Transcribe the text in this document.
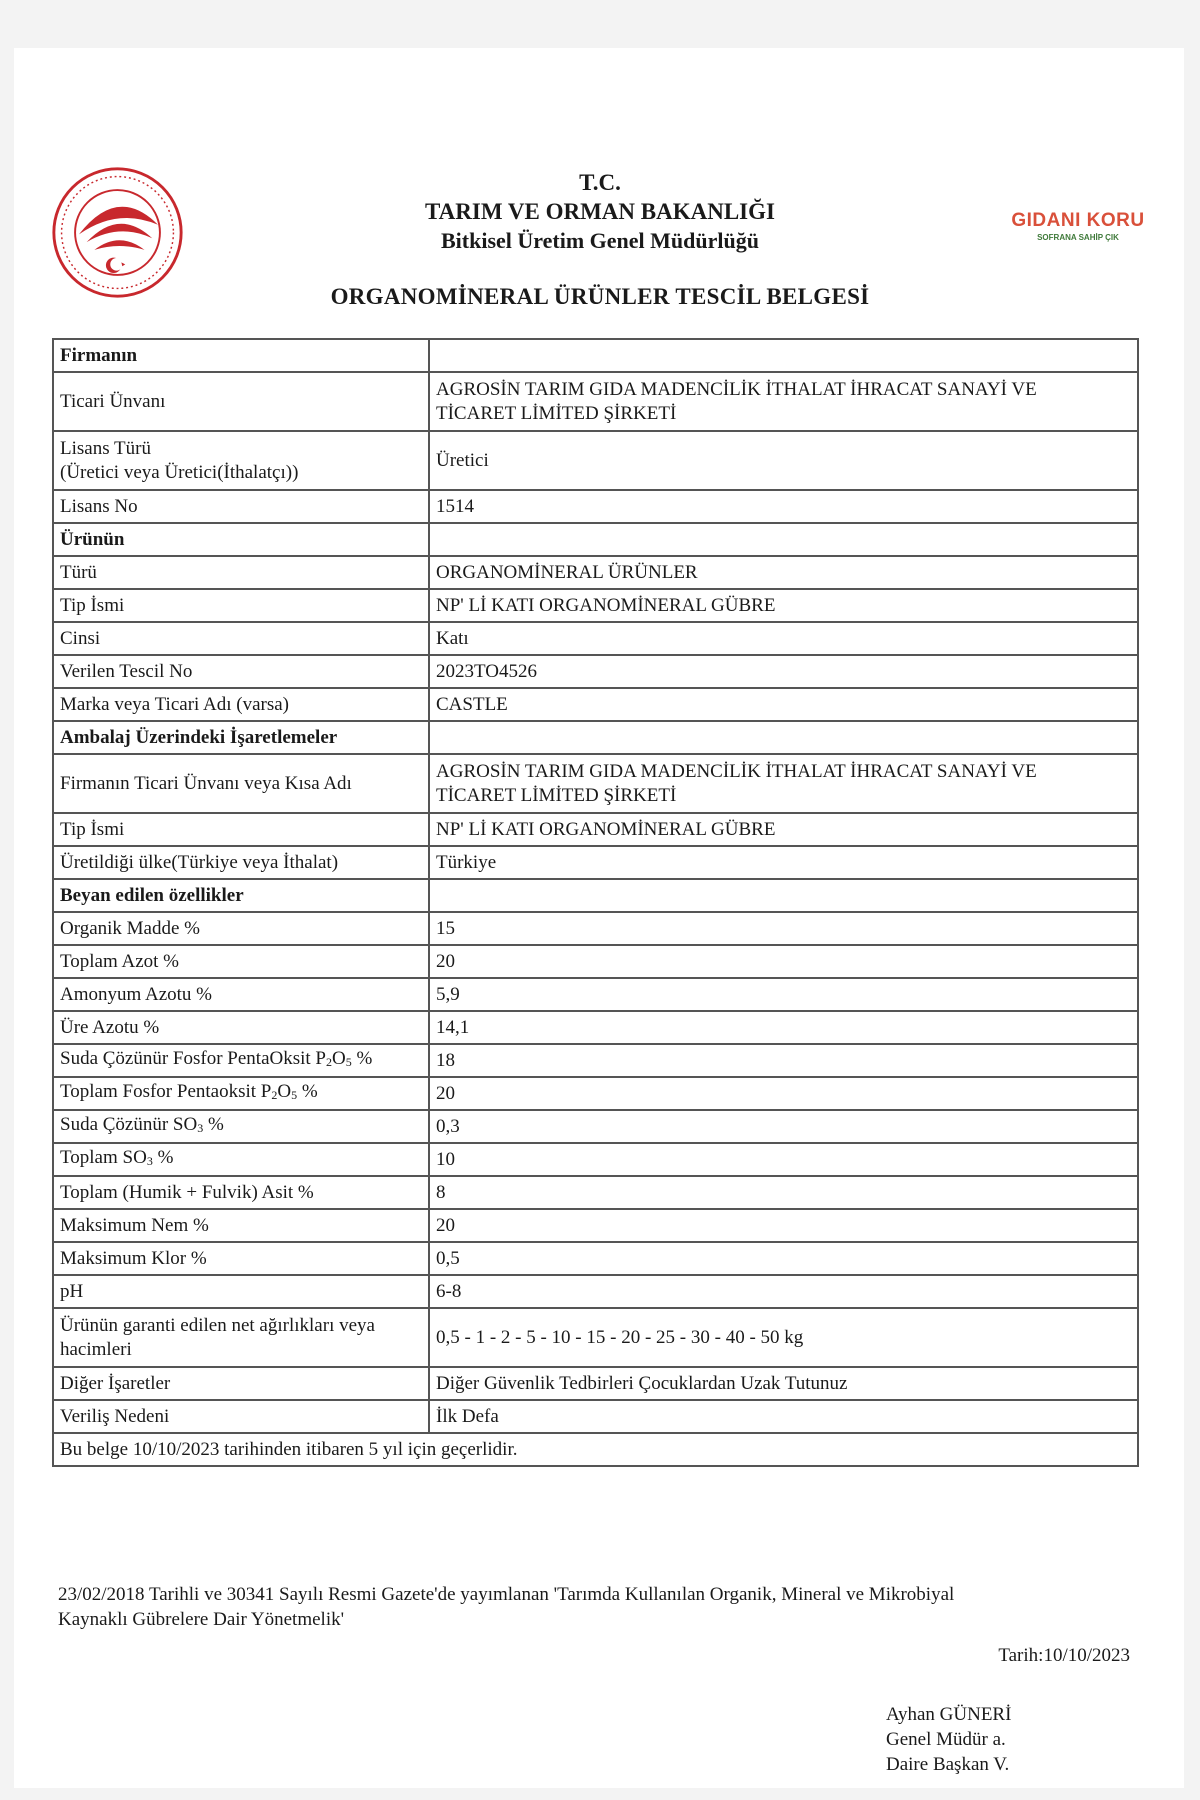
GIDANI KORU
SOFRANA SAHİP ÇIK
T.C.
TARIM VE ORMAN BAKANLIĞI
Bitkisel Üretim Genel Müdürlüğü
ORGANOMİNERAL ÜRÜNLER TESCİL BELGESİ
Firmanın	
Ticari Ünvanı	AGROSİN TARIM GIDA MADENCİLİK İTHALAT İHRACAT SANAYİ VE
TİCARET LİMİTED ŞİRKETİ

Lisans Türü
(Üretici veya Üretici(İthalatçı))	Üretici
Lisans No	1514
Ürünün	
Türü	ORGANOMİNERAL ÜRÜNLER
Tip İsmi	NP' Lİ KATI ORGANOMİNERAL GÜBRE
Cinsi	Katı
Verilen Tescil No	2023TO4526
Marka veya Ticari Adı (varsa)	CASTLE
Ambalaj Üzerindeki İşaretlemeler	
Firmanın Ticari Ünvanı veya Kısa Adı	AGROSİN TARIM GIDA MADENCİLİK İTHALAT İHRACAT SANAYİ VE
TİCARET LİMİTED ŞİRKETİ

Tip İsmi	NP' Lİ KATI ORGANOMİNERAL GÜBRE
Üretildiği ülke(Türkiye veya İthalat)	Türkiye
Beyan edilen özellikler	
Organik Madde %	15
Toplam Azot %	20
Amonyum Azotu %	5,9
Üre Azotu %	14,1
Suda Çözünür Fosfor PentaOksit P2O5 %	18
Toplam Fosfor Pentaoksit P2O5 %	20
Suda Çözünür SO3 %	0,3
Toplam SO3 %	10
Toplam (Humik + Fulvik) Asit %	8
Maksimum Nem %	20
Maksimum Klor %	0,5
pH	6-8

Ürünün garanti edilen net ağırlıkları veya
hacimleri	0,5 - 1 - 2 - 5 - 10 - 15 - 20 - 25 - 30 - 40 - 50 kg
Diğer İşaretler	Diğer Güvenlik Tedbirleri Çocuklardan Uzak Tutunuz
Veriliş Nedeni	İlk Defa
Bu belge 10/10/2023 tarihinden itibaren 5 yıl için geçerlidir.	
23/02/2018 Tarihli ve 30341 Sayılı Resmi Gazete'de yayımlanan 'Tarımda Kullanılan Organik, Mineral ve Mikrobiyal
Kaynaklı Gübrelere Dair Yönetmelik'
Tarih:10/10/2023
Ayhan GÜNERİ
Genel Müdür a.
Daire Başkan V.
